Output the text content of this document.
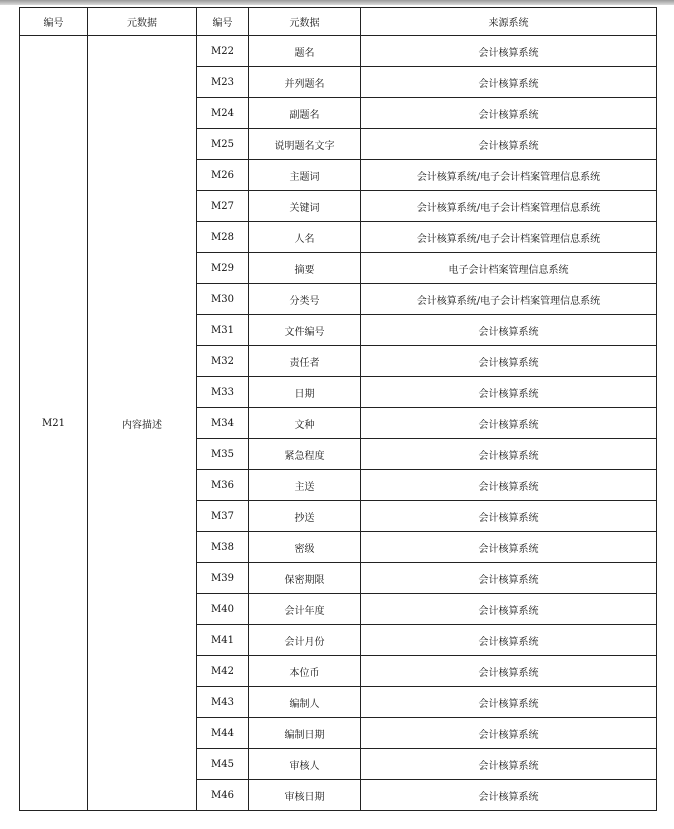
编号	元数据	编号	元数据	来源系统
M21	内容描述	M22	题名	会计核算系统
		M23	并列题名	会计核算系统
		M24	副题名	会计核算系统
		M25	说明题名文字	会计核算系统
		M26	主题词	会计核算系统/电子会计档案管理信息系统
		M27	关键词	会计核算系统/电子会计档案管理信息系统
		M28	人名	会计核算系统/电子会计档案管理信息系统
		M29	摘要	电子会计档案管理信息系统
		M30	分类号	会计核算系统/电子会计档案管理信息系统
		M31	文件编号	会计核算系统
		M32	责任者	会计核算系统
		M33	日期	会计核算系统
		M34	文种	会计核算系统
		M35	紧急程度	会计核算系统
		M36	主送	会计核算系统
		M37	抄送	会计核算系统
		M38	密级	会计核算系统
		M39	保密期限	会计核算系统
		M40	会计年度	会计核算系统
		M41	会计月份	会计核算系统
		M42	本位币	会计核算系统
		M43	编制人	会计核算系统
		M44	编制日期	会计核算系统
		M45	审核人	会计核算系统
		M46	审核日期	会计核算系统
